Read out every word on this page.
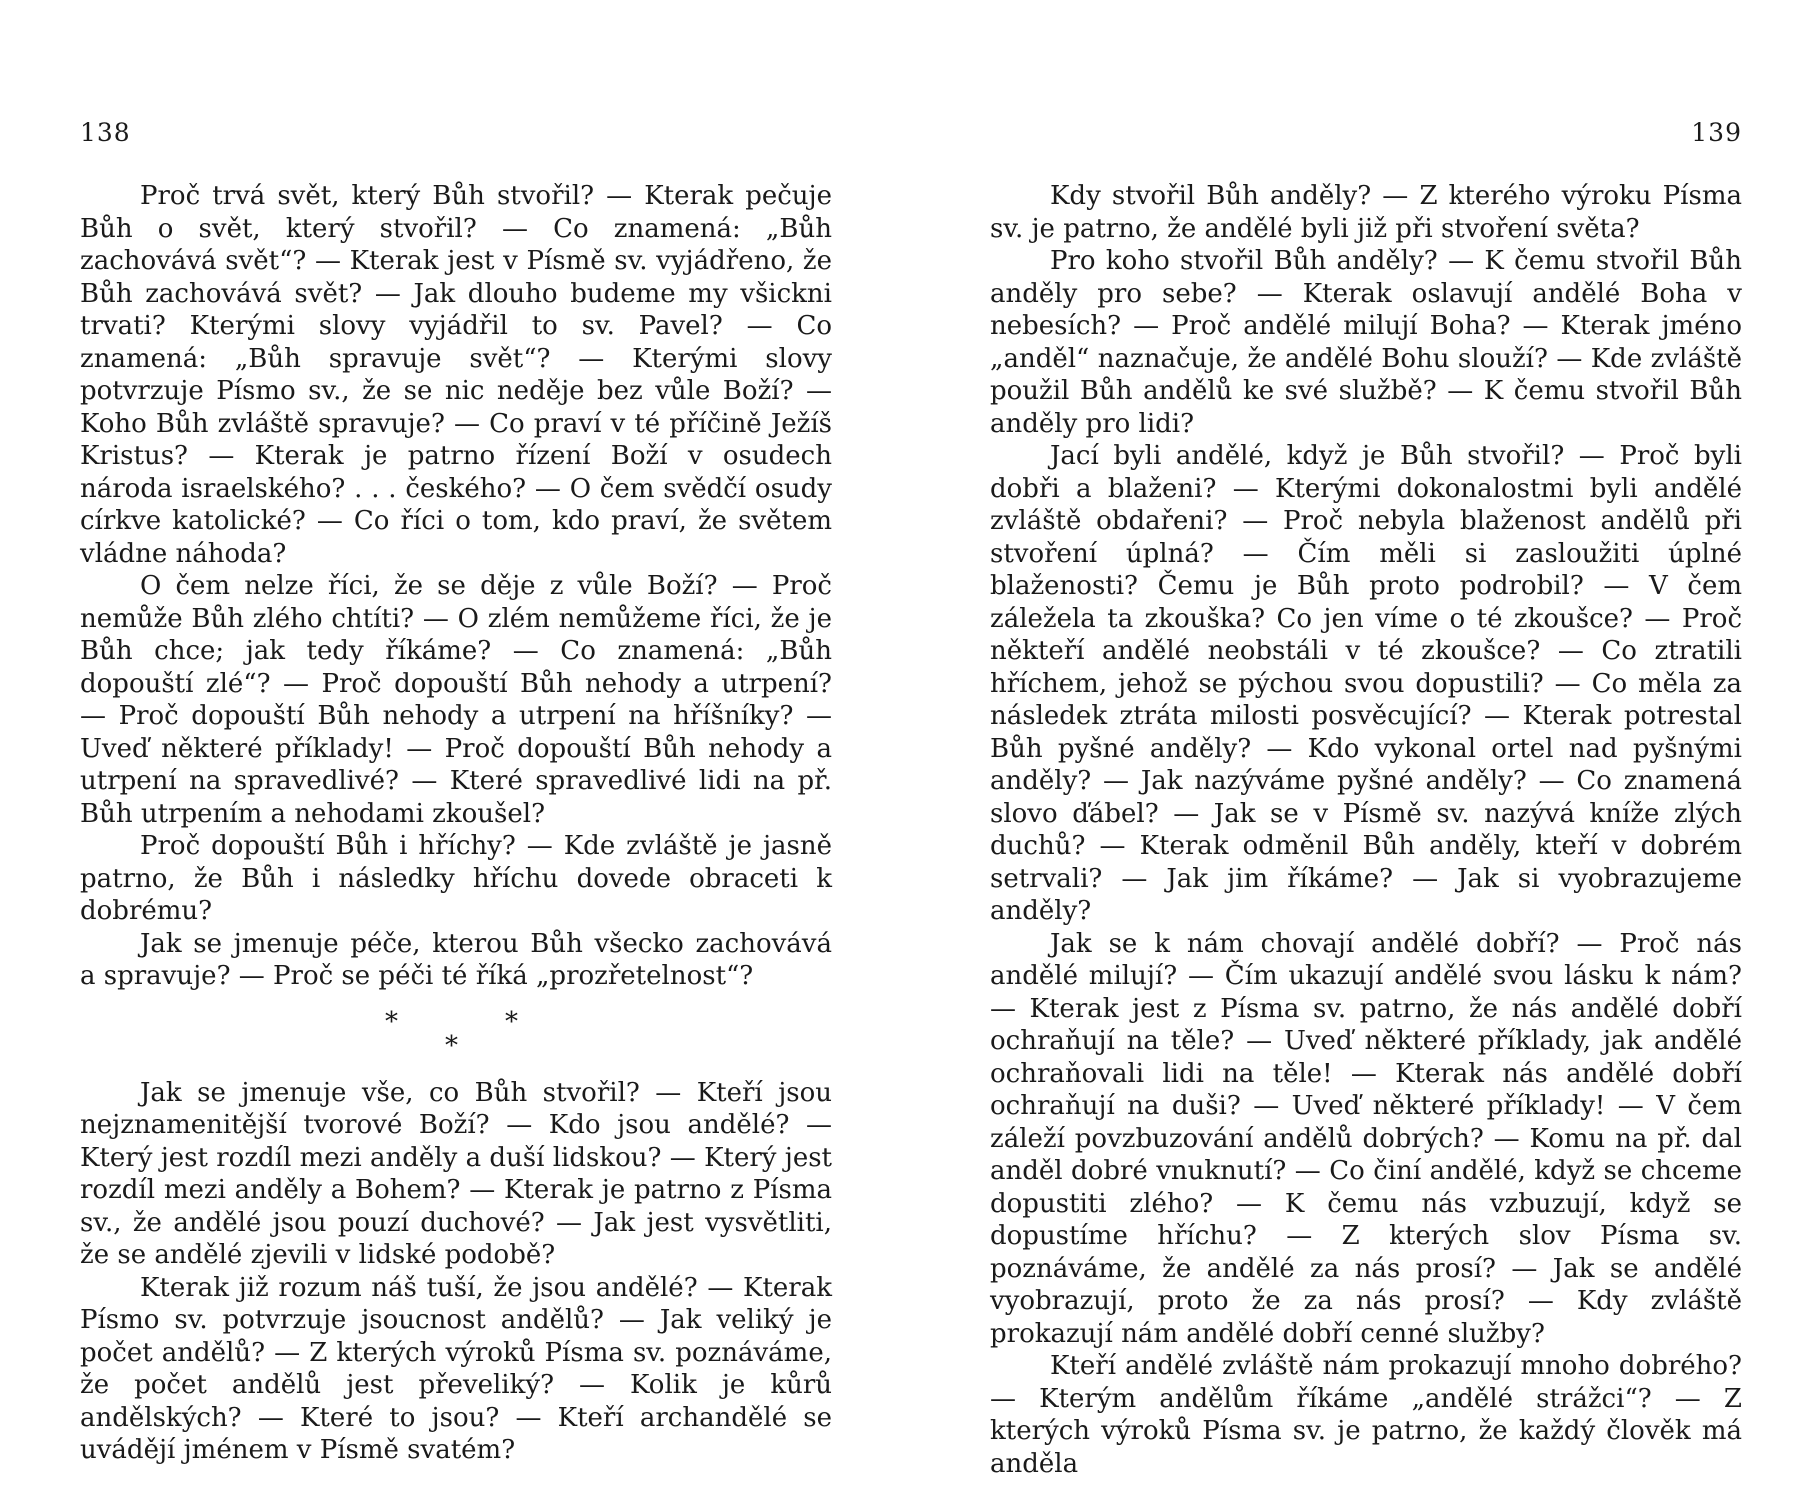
138

Proč trvá svět, který Bůh stvořil? — Kterak pečuje Bůh o svět, který stvořil? — Co znamená: „Bůh zachovává svět“? — Kterak jest v Písmě sv. vyjádřeno, že Bůh zachovává svět? — Jak dlouho budeme my všickni trvati? Kterými slovy vyjádřil to sv. Pavel? — Co znamená: „Bůh spravuje svět“? — Kterými slovy potvrzuje Písmo sv., že se nic neděje bez vůle Boží? — Koho Bůh zvláště spravuje? — Co praví v té příčině Ježíš Kristus? — Kterak je patrno řízení Boží v osudech národa israelského? . . . českého? — O čem svědčí osudy církve katolické? — Co říci o tom, kdo praví, že světem vládne náhoda?

O čem nelze říci, že se děje z vůle Boží? — Proč nemůže Bůh zlého chtíti? — O zlém nemůžeme říci, že je Bůh chce; jak tedy říkáme? — Co znamená: „Bůh dopouští zlé“? — Proč dopouští Bůh nehody a utrpení? — Proč dopouští Bůh nehody a utrpení na hříšníky? — Uveď některé příklady! — Proč dopouští Bůh nehody a utrpení na spravedlivé? — Které spravedlivé lidi na př. Bůh utrpením a nehodami zkoušel?

Proč dopouští Bůh i hříchy? — Kde zvláště je jasně patrno, že Bůh i následky hříchu dovede obraceti k dobrému?

Jak se jmenuje péče, kterou Bůh všecko zachovává a spravuje? — Proč se péči té říká „prozřetelnost“?

*
*
*

Jak se jmenuje vše, co Bůh stvořil? — Kteří jsou nejznamenitější tvorové Boží? — Kdo jsou andělé? — Který jest rozdíl mezi anděly a duší lidskou? — Který jest rozdíl mezi anděly a Bohem? — Kterak je patrno z Písma sv., že andělé jsou pouzí duchové? — Jak jest vysvětliti, že se andělé zjevili v lidské podobě?

Kterak již rozum náš tuší, že jsou andělé? — Kterak Písmo sv. potvrzuje jsoucnost andělů? — Jak veliký je počet andělů? — Z kterých výroků Písma sv. poznáváme, že počet andělů jest převeliký? — Kolik je kůrů andělských? — Které to jsou? — Kteří archandělé se uvádějí jménem v Písmě svatém?

139

Kdy stvořil Bůh anděly? — Z kterého výroku Písma sv. je patrno, že andělé byli již při stvoření světa?

Pro koho stvořil Bůh anděly? — K čemu stvořil Bůh anděly pro sebe? — Kterak oslavují andělé Boha v nebesích? — Proč andělé milují Boha? — Kterak jméno „anděl“ naznačuje, že andělé Bohu slouží? — Kde zvláště použil Bůh andělů ke své službě? — K čemu stvořil Bůh anděly pro lidi?

Jací byli andělé, když je Bůh stvořil? — Proč byli dobři a blaženi? — Kterými dokonalostmi byli andělé zvláště obdařeni? — Proč nebyla blaženost andělů při stvoření úplná? — Čím měli si zasloužiti úplné blaženosti? Čemu je Bůh proto podrobil? — V čem záležela ta zkouška? Co jen víme o té zkoušce? — Proč někteří andělé neobstáli v té zkoušce? — Co ztratili hříchem, jehož se pýchou svou dopustili? — Co měla za následek ztráta milosti posvěcující? — Kterak potrestal Bůh pyšné anděly? — Kdo vykonal ortel nad pyšnými anděly? — Jak nazýváme pyšné anděly? — Co znamená slovo ďábel? — Jak se v Písmě sv. nazývá kníže zlých duchů? — Kterak odměnil Bůh anděly, kteří v dobrém setrvali? — Jak jim říkáme? — Jak si vyobrazujeme anděly?

Jak se k nám chovají andělé dobří? — Proč nás andělé milují? — Čím ukazují andělé svou lásku k nám? — Kterak jest z Písma sv. patrno, že nás andělé dobří ochraňují na těle? — Uveď některé příklady, jak andělé ochraňovali lidi na těle! — Kterak nás andělé dobří ochraňují na duši? — Uveď některé příklady! — V čem záleží povzbuzování andělů dobrých? — Komu na př. dal anděl dobré vnuknutí? — Co činí andělé, když se chceme dopustiti zlého? — K čemu nás vzbuzují, když se dopustíme hříchu? — Z kterých slov Písma sv. poznáváme, že andělé za nás prosí? — Jak se andělé vyobrazují, proto že za nás prosí? — Kdy zvláště prokazují nám andělé dobří cenné služby?

Kteří andělé zvláště nám prokazují mnoho dobrého? — Kterým andělům říkáme „andělé strážci“? — Z kterých výroků Písma sv. je patrno, že každý člověk má anděla
